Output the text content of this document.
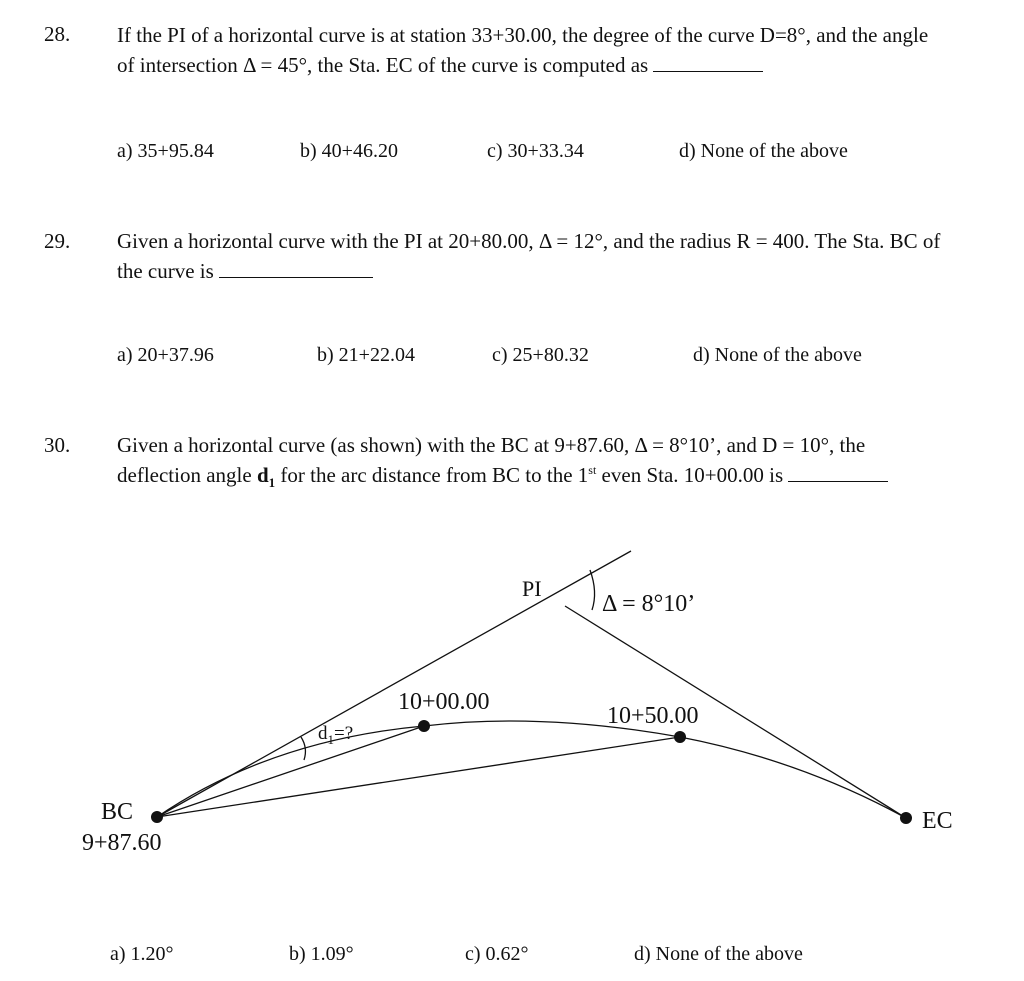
28. If the PI of a horizontal curve is at station 33+30.00, the degree of the curve D=8°, and the angle
of intersection Δ = 45°, the Sta. EC of the curve is computed as
a) 35+95.84	b) 40+46.20	c) 30+33.34	d) None of the above
29. Given a horizontal curve with the PI at 20+80.00, Δ = 12°, and the radius R = 400. The Sta. BC of
the curve is
a) 20+37.96	b) 21+22.04	c) 25+80.32	d) None of the above
30. Given a horizontal curve (as shown) with the BC at 9+87.60, Δ = 8°10’, and D = 10°, the
deflection angle $d_1$ for the arc distance from BC to the 1st even Sta. 10+00.00 is
PI
Δ = 8°10’
10+00.00
10+50.00
$d_1=$?
BC
9+87.60
EC
a) 1.20°	b) 1.09°	c) 0.62°	d) None of the above
